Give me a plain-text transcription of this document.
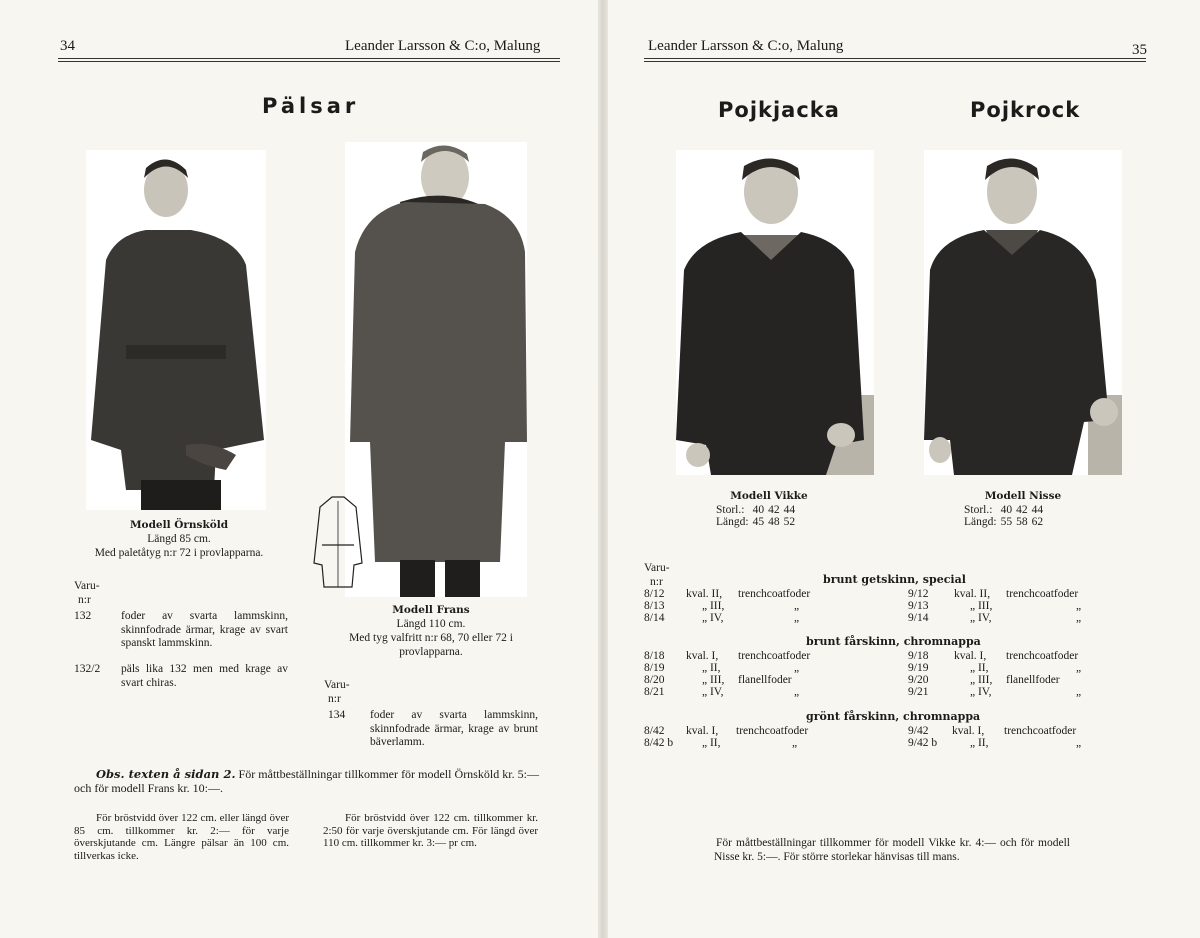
34	Leander Larsson & C:o, Malung
Pälsar
Modell Örnsköld
Längd 85 cm.
Med paletåtyg n:r 72 i provlapparna.
Varu-
n:r
132	foder av svarta lammskinn, skinnfodrade ärmar, krage av svart spanskt lammskinn.
132/2 päls lika 132 men med krage av svart chiras.
Modell Frans
Längd 110 cm.
Med tyg valfritt n:r 68, 70 eller 72 i provlapparna.
Varu-
n:r
134 foder av svarta lammskinn, skinnfodrade ärmar, krage av brunt bäverlamm.
Obs. texten å sidan 2. För måttbeställningar tillkommer för modell Örnsköld kr. 5:— och för modell Frans kr. 10:—.
För bröstvidd över 122 cm. eller längd över 85 cm. tillkommer kr. 2:— för varje överskjutande cm. Längre pälsar än 100 cm. tillverkas icke.
För bröstvidd över 122 cm. tillkommer kr. 2:50 för varje överskjutande cm. För längd över 110 cm. tillkommer kr. 3:— pr cm.
Leander Larsson & C:o, Malung	35
Pojkjacka	Pojkrock
Modell Vikke
Storl.:	40	42	44
Längd:	45	48	52
Modell Nisse
Storl.:	40	42	44
Längd:	55	58	62
Varu-
n:r	brunt getskinn, special
8/12 kval. II, trenchcoatfoder	9/12 kval. II, trenchcoatfoder
8/13	„ III,	„	9/13	„ III,	„
8/14	„ IV,	„	9/14	„ IV,	„
brunt fårskinn, chromnappa
8/18 kval. I, trenchcoatfoder	9/18 kval. I, trenchcoatfoder
8/19	„ II,	„	9/19	„ II,	„
8/20	„ III, flanellfoder	9/20	„ III, flanellfoder
8/21	„ IV,	„	9/21	„ IV,	„
grönt fårskinn, chromnappa
8/42 kval. I, trenchcoatfoder	9/42 kval. I, trenchcoatfoder
8/42 b	„ II,	„	9/42 b	„ II,	„
För måttbeställningar tillkommer för modell Vikke kr. 4:— och för modell Nisse kr. 5:—. För större storlekar hänvisas till mans.
